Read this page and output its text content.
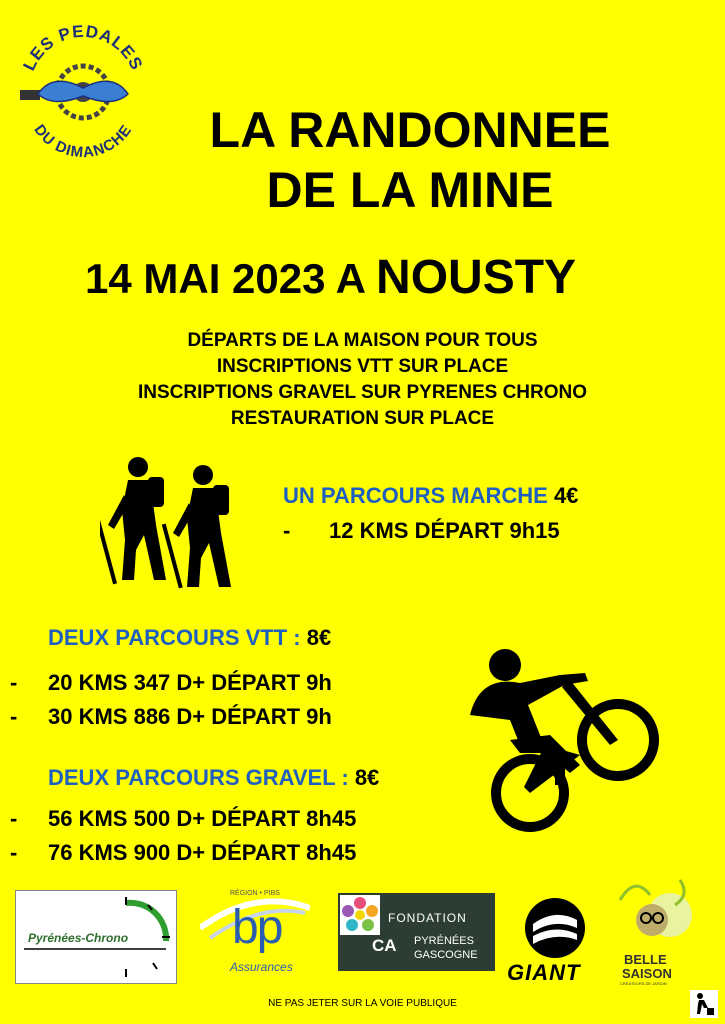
LES PEDALES
DU DIMANCHE	LA RANDONNEE
DE LA MINE
14 MAI 2023 A NOUSTY
DÉPARTS DE LA MAISON POUR TOUS
INSCRIPTIONS VTT SUR PLACE
INSCRIPTIONS GRAVEL SUR PYRENES CHRONO
RESTAURATION SUR PLACE
UN PARCOURS MARCHE 4€
- 12 KMS DÉPART 9h15
DEUX PARCOURS VTT : 8€
- 20 KMS 347 D+ DÉPART 9h
- 30 KMS 886 D+ DÉPART 9h
DEUX PARCOURS GRAVEL : 8€
- 56 KMS 500 D+ DÉPART 8h45
- 76 KMS 900 D+ DÉPART 8h45
Pyrénées-Chrono
RÉGION • PIBS
bp
Assurances
FONDATION
CA PYRÉNÉES
GASCOGNE
GIANT
BELLE
SAISON
CRÉATEURS DE JARDIN
NE PAS JETER SUR LA VOIE PUBLIQUE
